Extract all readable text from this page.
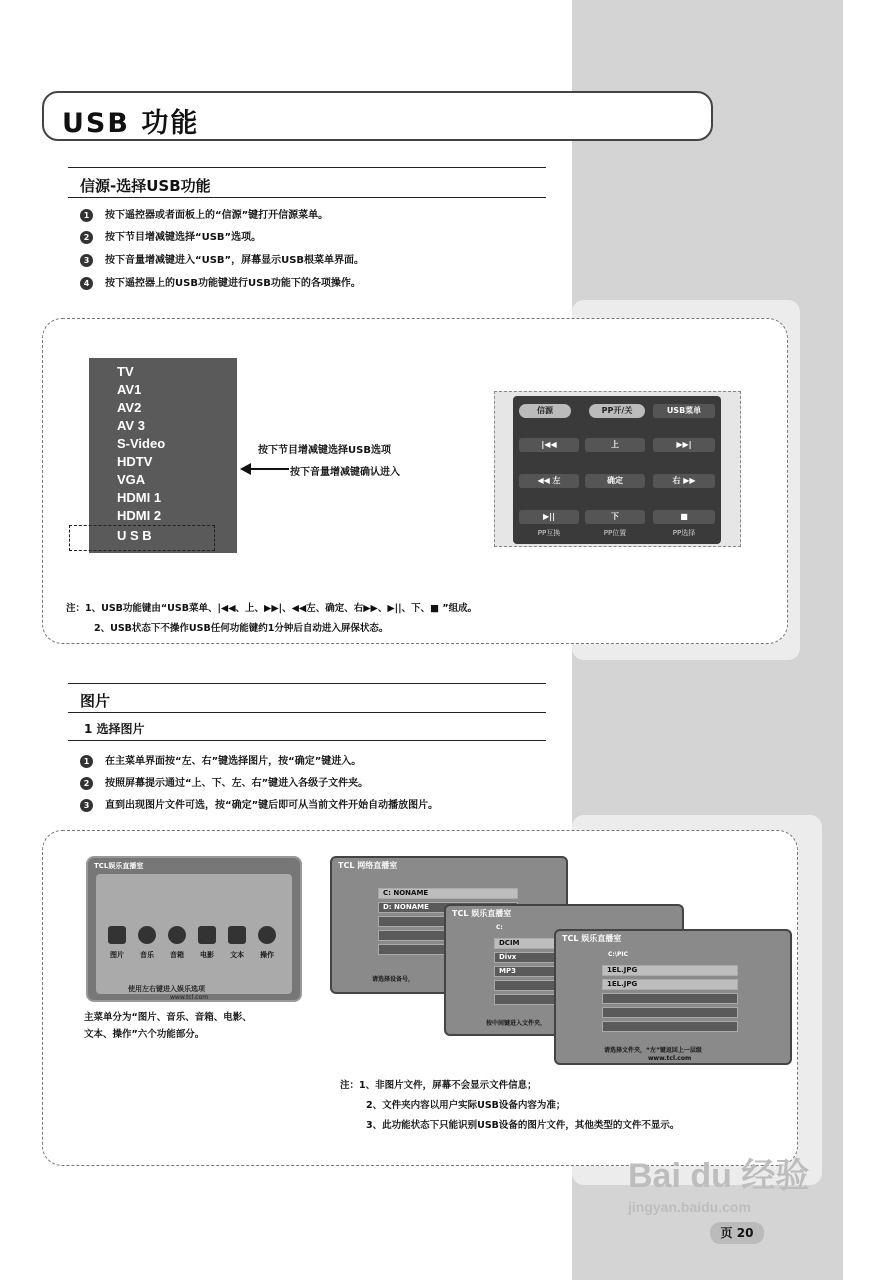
USB 功能
信源-选择USB功能
1 按下遥控器或者面板上的“信源”键打开信源菜单。
2 按下节目增减键选择“USB”选项。
3 按下音量增减键进入“USB”，屏幕显示USB根菜单界面。
4 按下遥控器上的USB功能键进行USB功能下的各项操作。
TV
AV1
AV2
AV 3
S-Video
HDTV
VGA
HDMI 1
HDMI 2
U S B
按下节目增减键选择USB选项
按下音量增减键确认进入
信源	PP开/关	USB菜单
|◀◀	上	▶▶|
◀◀ 左	确定	右 ▶▶
▶||	下	■
PP互换	PP位置	PP选择
注：1、USB功能键由“USB菜单、|◀◀、上、▶▶|、◀◀左、确定、右▶▶、▶||、下、■ ”组成。
2、USB状态下不操作USB任何功能键约1分钟后自动进入屏保状态。
图片
1 选择图片
1 在主菜单界面按“左、右”键选择图片，按“确定”键进入。
2 按照屏幕提示通过“上、下、左、右”键进入各级子文件夹。
3 直到出现图片文件可选，按“确定”键后即可从当前文件开始自动播放图片。
TCL娱乐直播室
图片	音乐	音箱	电影	文本	操作
使用左右键进入娱乐选项
www.tcl.com
主菜单分为“图片、音乐、音箱、电影、
文本、操作”六个功能部分。
TCL 网络直播室
C: NONAME
D: NONAME
请选择设备号，
TCL 娱乐直播室
C:
DCIM
Divx
MP3
按中间键进入文件夹，
TCL 娱乐直播室
C:\PIC
1EL.JPG
1EL.JPG
请选择文件夹，“左”键返回上一层级
www.tcl.com
注：1、非图片文件，屏幕不会显示文件信息；
2、文件夹内容以用户实际USB设备内容为准；
3、此功能状态下只能识别USB设备的图片文件，其他类型的文件不显示。
Bai du 经验
jingyan.baidu.com
页 20
